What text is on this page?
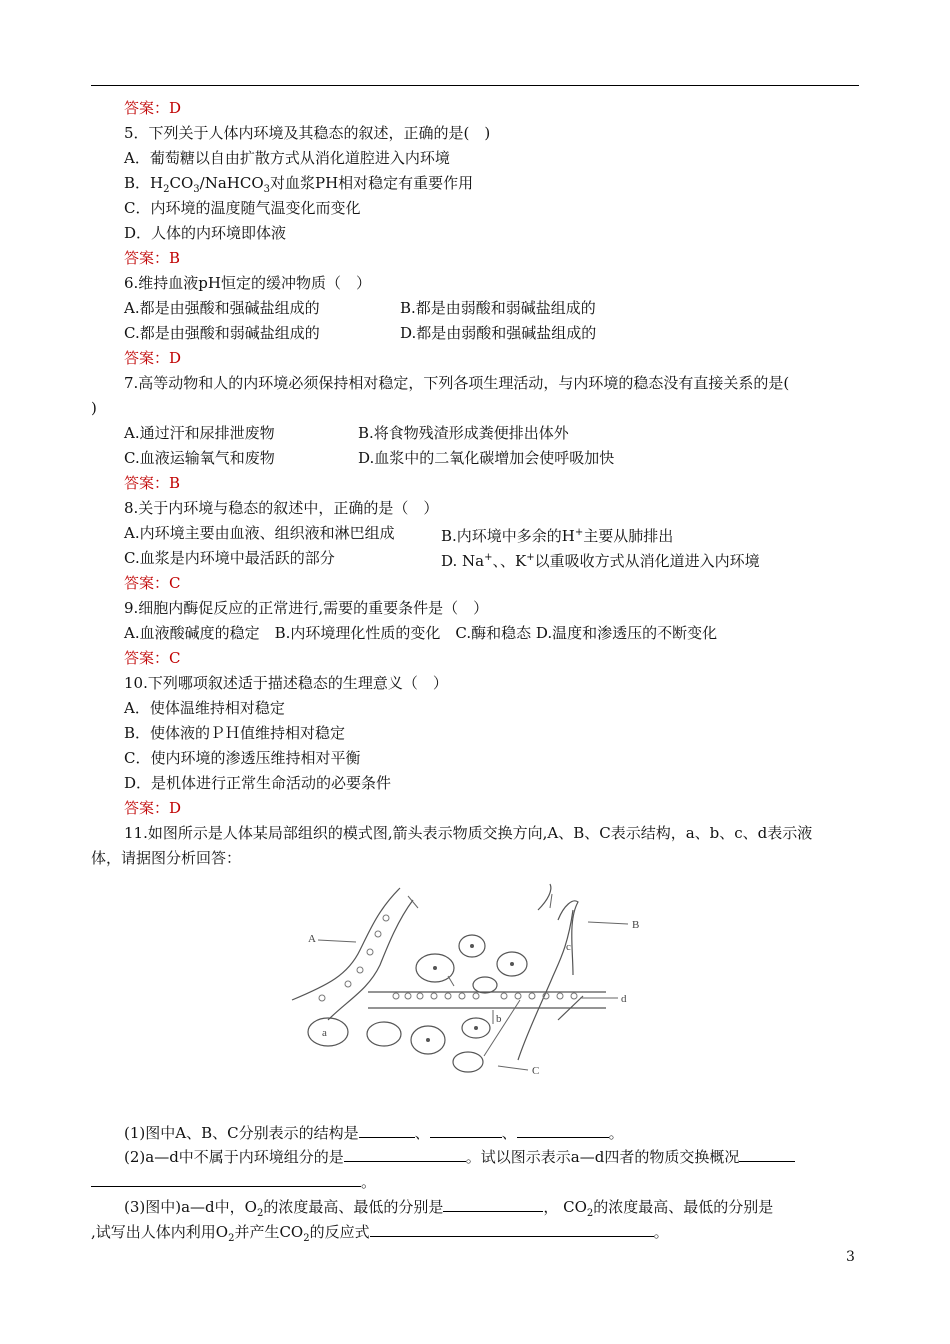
答案：D
5．下列关于人体内环境及其稳态的叙述，正确的是(　)
A．葡萄糖以自由扩散方式从消化道腔进入内环境
B．$H_2CO_3/NaHCO_3$对血浆PH相对稳定有重要作用
C．内环境的温度随气温变化而变化
D．人体的内环境即体液
答案：B
6.维持血液pH恒定的缓冲物质（　）
A.都是由强酸和强碱盐组成的	B.都是由弱酸和弱碱盐组成的
C.都是由强酸和弱碱盐组成的	D.都是由弱酸和强碱盐组成的
答案：D
7.高等动物和人的内环境必须保持相对稳定，下列各项生理活动，与内环境的稳态没有直接关系的是(
)
A.通过汗和尿排泄废物	B.将食物残渣形成粪便排出体外
C.血液运输氧气和废物	D.血浆中的二氧化碳增加会使呼吸加快
答案：B
8.关于内环境与稳态的叙述中，正确的是（　）
A.内环境主要由血液、组织液和淋巴组成	B.内环境中多余的H+主要从肺排出
C.血浆是内环境中最活跃的部分	D. Na+、、K+以重吸收方式从消化道进入内环境
答案：C
9.细胞内酶促反应的正常进行,需要的重要条件是（　）
A.血液酸碱度的稳定　B.内环境理化性质的变化　C.酶和稳态 D.温度和渗透压的不断变化
答案：C
10.下列哪项叙述适于描述稳态的生理意义（　）
A．使体温维持相对稳定
B．使体液的ＰＨ值维持相对稳定
C．使内环境的渗透压维持相对平衡
D．是机体进行正常生命活动的必要条件
答案：D
11.如图所示是人体某局部组织的模式图,箭头表示物质交换方向,A、B、C表示结构，a、b、c、d表示液
体，请据图分析回答：
(1)图中A、B、C分别表示的结构是	、	、	。
(2)a—d中不属于内环境组分的是	。试以图示表示a—d四者的物质交换概况
。
(3)图中)a—d中，$O_2$的浓度最高、最低的分别是	， $CO_2$的浓度最高、最低的分别是
,试写出人体内利用$O_2$并产生$CO_2$的反应式	。
A
B
C
a
b
c
d
3
